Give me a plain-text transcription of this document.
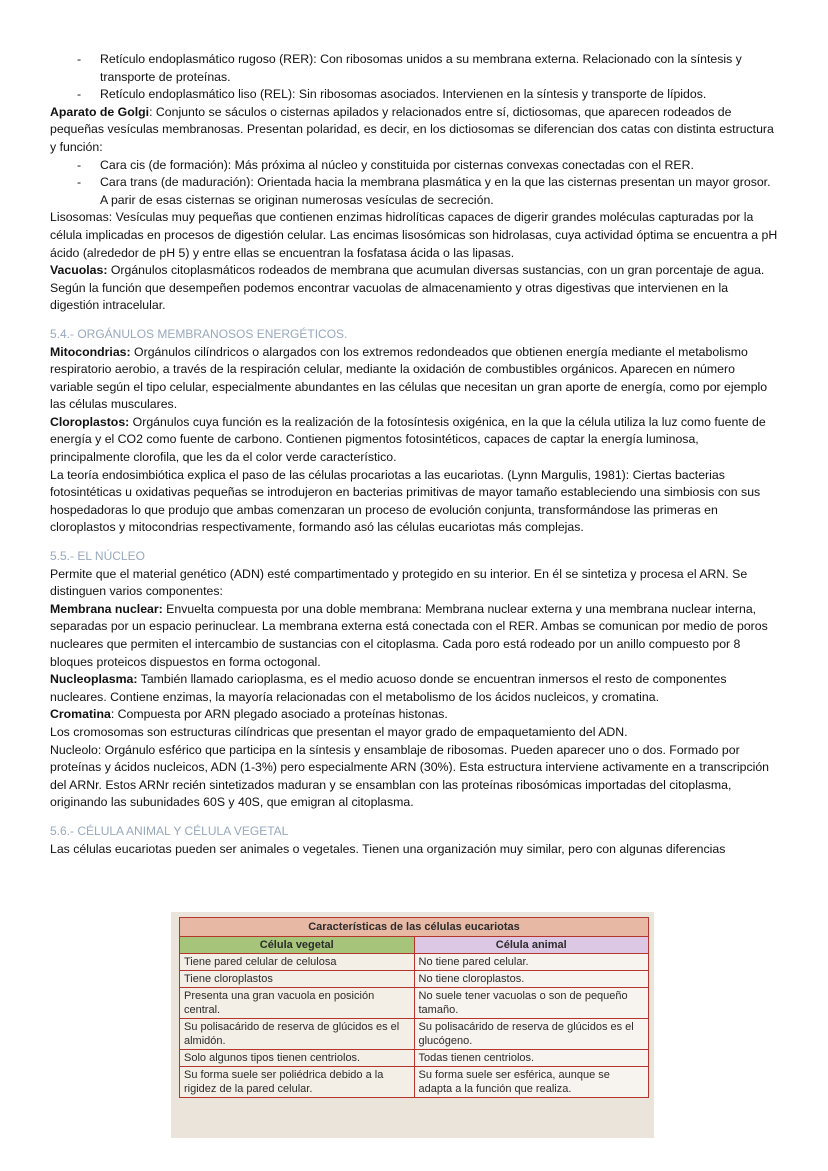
- Retículo endoplasmático rugoso (RER): Con ribosomas unidos a su membrana externa. Relacionado con la síntesis y transporte de proteínas.

- Retículo endoplasmático liso (REL): Sin ribosomas asociados. Intervienen en la síntesis y transporte de lípidos.

Aparato de Golgi: Conjunto se sáculos o cisternas apilados y relacionados entre sí, dictiosomas, que aparecen rodeados de pequeñas vesículas membranosas. Presentan polaridad, es decir, en los dictiosomas se diferencian dos catas con distinta estructura y función:

- Cara cis (de formación): Más próxima al núcleo y constituida por cisternas convexas conectadas con el RER.

- Cara trans (de maduración): Orientada hacia la membrana plasmática y en la que las cisternas presentan un mayor grosor. A parir de esas cisternas se originan numerosas vesículas de secreción.

Lisosomas: Vesículas muy pequeñas que contienen enzimas hidrolíticas capaces de digerir grandes moléculas capturadas por la célula implicadas en procesos de digestión celular. Las encimas lisosómicas son hidrolasas, cuya actividad óptima se encuentra a pH ácido (alrededor de pH 5) y entre ellas se encuentran la fosfatasa ácida o las lipasas.

Vacuolas: Orgánulos citoplasmáticos rodeados de membrana que acumulan diversas sustancias, con un gran porcentaje de agua. Según la función que desempeñen podemos encontrar vacuolas de almacenamiento y otras digestivas que intervienen en la digestión intracelular.

5.4.- ORGÁNULOS MEMBRANOSOS ENERGÉTICOS.

Mitocondrias: Orgánulos cilíndricos o alargados con los extremos redondeados que obtienen energía mediante el metabolismo respiratorio aerobio, a través de la respiración celular, mediante la oxidación de combustibles orgánicos. Aparecen en número variable según el tipo celular, especialmente abundantes en las células que necesitan un gran aporte de energía, como por ejemplo las células musculares.

Cloroplastos: Orgánulos cuya función es la realización de la fotosíntesis oxigénica, en la que la célula utiliza la luz como fuente de energía y el CO2 como fuente de carbono. Contienen pigmentos fotosintéticos, capaces de captar la energía luminosa, principalmente clorofila, que les da el color verde característico.

La teoría endosimbiótica explica el paso de las células procariotas a las eucariotas. (Lynn Margulis, 1981): Ciertas bacterias fotosintéticas u oxidativas pequeñas se introdujeron en bacterias primitivas de mayor tamaño estableciendo una simbiosis con sus hospedadoras lo que produjo que ambas comenzaran un proceso de evolución conjunta, transformándose las primeras en cloroplastos y mitocondrias respectivamente, formando asó las células eucariotas más complejas.

5.5.- EL NÚCLEO

Permite que el material genético (ADN) esté compartimentado y protegido en su interior. En él se sintetiza y procesa el ARN. Se distinguen varios componentes:

Membrana nuclear: Envuelta compuesta por una doble membrana: Membrana nuclear externa y una membrana nuclear interna, separadas por un espacio perinuclear. La membrana externa está conectada con el RER. Ambas se comunican por medio de poros nucleares que permiten el intercambio de sustancias con el citoplasma. Cada poro está rodeado por un anillo compuesto por 8 bloques proteicos dispuestos en forma octogonal.

Nucleoplasma: También llamado carioplasma, es el medio acuoso donde se encuentran inmersos el resto de componentes nucleares. Contiene enzimas, la mayoría relacionadas con el metabolismo de los ácidos nucleicos, y cromatina.

Cromatina: Compuesta por ARN plegado asociado a proteínas histonas.

Los cromosomas son estructuras cilíndricas que presentan el mayor grado de empaquetamiento del ADN.

Nucleolo: Orgánulo esférico que participa en la síntesis y ensamblaje de ribosomas. Pueden aparecer uno o dos. Formado por proteínas y ácidos nucleicos, ADN (1-3%) pero especialmente ARN (30%). Esta estructura interviene activamente en a transcripción del ARNr. Estos ARNr recién sintetizados maduran y se ensamblan con las proteínas ribosómicas importadas del citoplasma, originando las subunidades 60S y 40S, que emigran al citoplasma.

5.6.- CÉLULA ANIMAL Y CÉLULA VEGETAL

Las células eucariotas pueden ser animales o vegetales. Tienen una organización muy similar, pero con algunas diferencias

Características de las células eucariotas	
Célula vegetal	Célula animal
Tiene pared celular de celulosa	No tiene pared celular.
Tiene cloroplastos	No tiene cloroplastos.
Presenta una gran vacuola en posición central.	No suele tener vacuolas o son de pequeño tamaño.
Su polisacárido de reserva de glúcidos es el almidón.	Su polisacárido de reserva de glúcidos es el glucógeno.
Solo algunos tipos tienen centriolos.	Todas tienen centriolos.
Su forma suele ser poliédrica debido a la rigidez de la pared celular.	Su forma suele ser esférica, aunque se adapta a la función que realiza.
